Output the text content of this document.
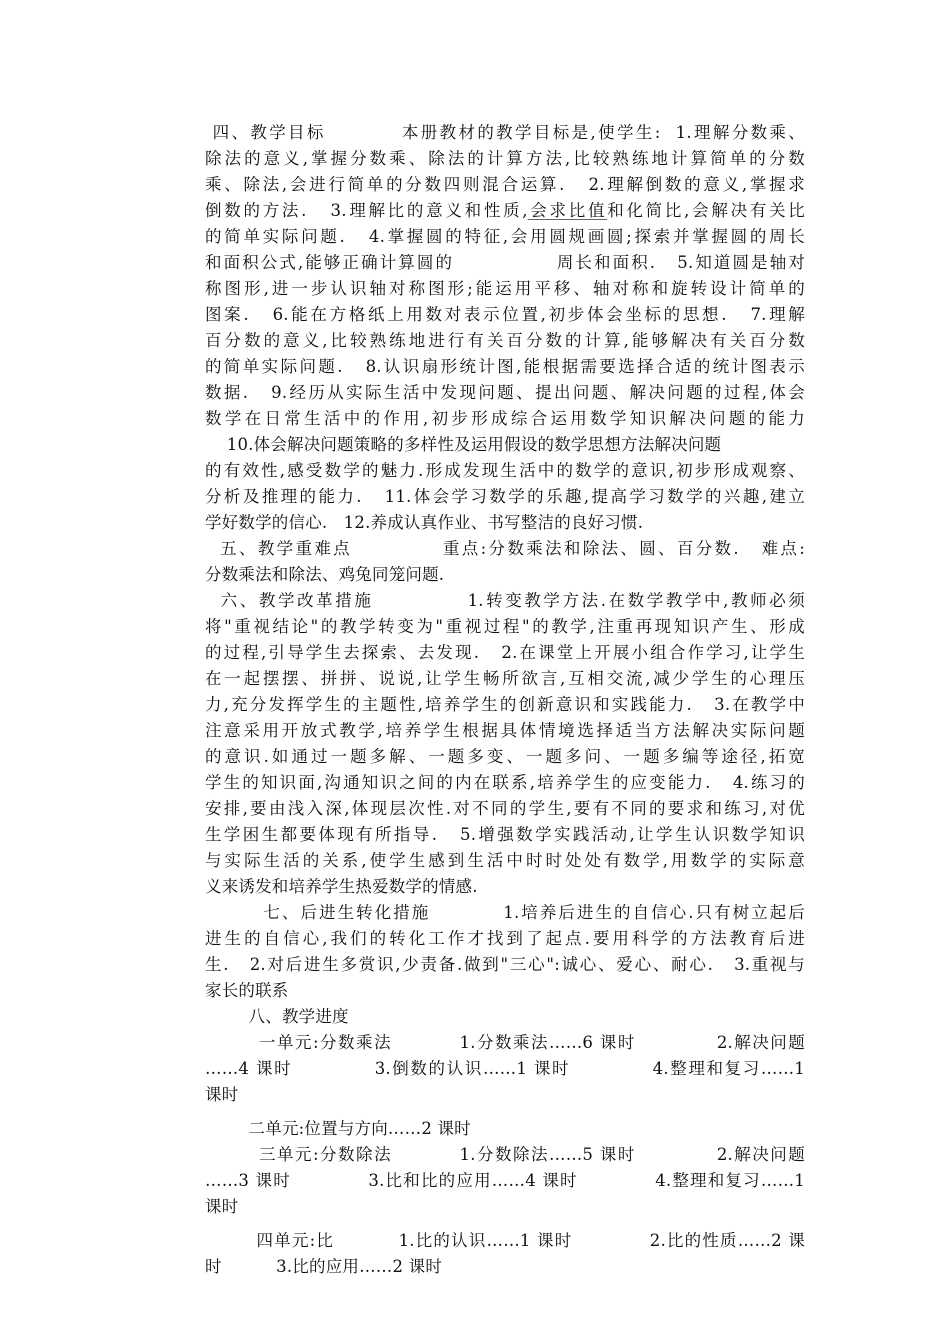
四、教学目标          本册教材的教学目标是,使学生:  1.理解分数乘、
除法的意义,掌握分数乘、除法的计算方法,比较熟练地计算简单的分数
乘、除法,会进行简单的分数四则混合运算.   2.理解倒数的意义,掌握求
倒数的方法.   3.理解比的意义和性质,会求比值和化简比,会解决有关比
的简单实际问题.   4.掌握圆的特征,会用圆规画圆;探索并掌握圆的周长
和面积公式,能够正确计算圆的              周长和面积.   5.知道圆是轴对
称图形,进一步认识轴对称图形;能运用平移、轴对称和旋转设计简单的
图案.   6.能在方格纸上用数对表示位置,初步体会坐标的思想.   7.理解
百分数的意义,比较熟练地进行有关百分数的计算,能够解决有关百分数
的简单实际问题.   8.认识扇形统计图,能根据需要选择合适的统计图表示
数据.   9.经历从实际生活中发现问题、提出问题、解决问题的过程,体会
数学在日常生活中的作用,初步形成综合运用数学知识解决问题的能力
10.体会解决问题策略的多样性及运用假设的数学思想方法解决问题
的有效性,感受数学的魅力.形成发现生活中的数学的意识,初步形成观察、
分析及推理的能力.   11.体会学习数学的乐趣,提高学习数学的兴趣,建立
学好数学的信心.   12.养成认真作业、书写整洁的良好习惯.
五、教学重难点            重点:分数乘法和除法、圆、百分数.   难点:
分数乘法和除法、鸡兔同笼问题.
六、教学改革措施            1.转变教学方法.在数学教学中,教师必须
将"重视结论"的教学转变为"重视过程"的教学,注重再现知识产生、形成
的过程,引导学生去探索、去发现.   2.在课堂上开展小组合作学习,让学生
在一起摆摆、拼拼、说说,让学生畅所欲言,互相交流,减少学生的心理压
力,充分发挥学生的主题性,培养学生的创新意识和实践能力.   3.在教学中
注意采用开放式教学,培养学生根据具体情境选择适当方法解决实际问题
的意识.如通过一题多解、一题多变、一题多问、一题多编等途径,拓宽
学生的知识面,沟通知识之间的内在联系,培养学生的应变能力.   4.练习的
安排,要由浅入深,体现层次性.对不同的学生,要有不同的要求和练习,对优
生学困生都要体现有所指导.   5.增强数学实践活动,让学生认识数学知识
与实际生活的关系,使学生感到生活中时时处处有数学,用数学的实际意
义来诱发和培养学生热爱数学的情感.
七、后进生转化措施          1.培养后进生的自信心.只有树立起后
进生的自信心,我们的转化工作才找到了起点.要用科学的方法教育后进
生.   2.对后进生多赏识,少责备.做到"三心":诚心、爱心、耐心.   3.重视与
家长的联系
八、教学进度
一单元:分数乘法          1.分数乘法……6 课时            2.解决问题
……4 课时            3.倒数的认识……1 课时            4.整理和复习……1
课时
二单元:位置与方向……2 课时
三单元:分数除法          1.分数除法……5 课时            2.解决问题
……3 课时            3.比和比的应用……4 课时            4.整理和复习……1
课时
四单元:比          1.比的认识……1 课时            2.比的性质……2 课
时          3.比的应用……2 课时
